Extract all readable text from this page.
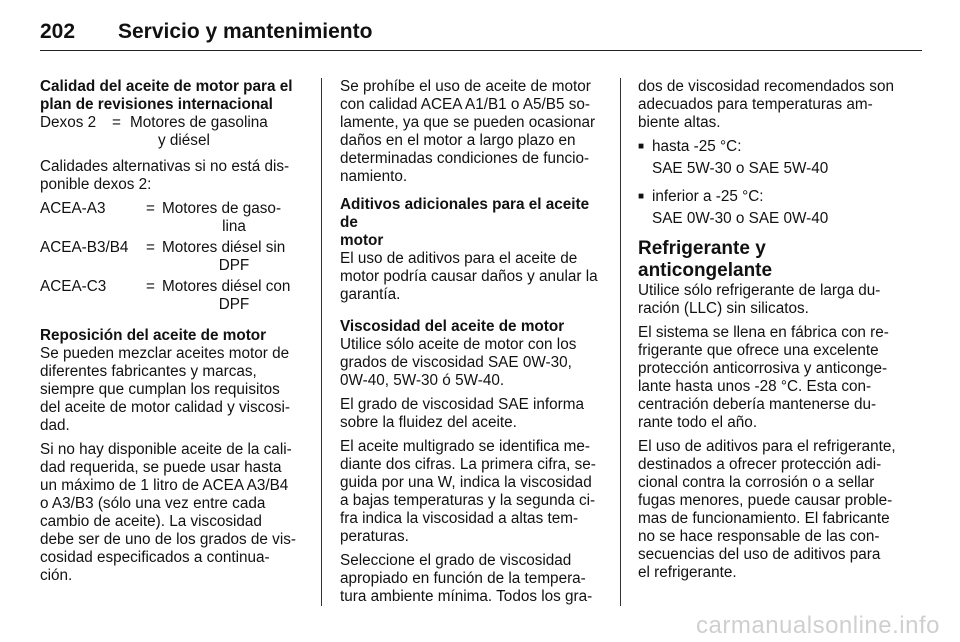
202 Servicio y mantenimiento
Calidad del aceite de motor para el
plan de revisiones internacional
Dexos 2 = Motores de gasolina
y diésel

Calidades alternativas si no está dis-
ponible dexos 2:

ACEA-A3	= Motores de gaso-
lina
ACEA-B3/B4 = Motores diésel sin
DPF
ACEA-C3	= Motores diésel con
DPF
Reposición del aceite de motor

Se pueden mezclar aceites motor de
diferentes fabricantes y marcas,
siempre que cumplan los requisitos
del aceite de motor calidad y viscosi-
dad.

Si no hay disponible aceite de la cali-
dad requerida, se puede usar hasta
un máximo de 1 litro de ACEA A3/B4
o A3/B3 (sólo una vez entre cada
cambio de aceite). La viscosidad
debe ser de uno de los grados de vis-
cosidad especificados a continua-
ción.

Se prohíbe el uso de aceite de motor
con calidad ACEA A1/B1 o A5/B5 so-
lamente, ya que se pueden ocasionar
daños en el motor a largo plazo en
determinadas condiciones de funcio-
namiento.

Aditivos adicionales para el aceite de
motor

El uso de aditivos para el aceite de
motor podría causar daños y anular la
garantía.

Viscosidad del aceite de motor

Utilice sólo aceite de motor con los
grados de viscosidad SAE 0W-30,
0W-40, 5W-30 ó 5W-40.

El grado de viscosidad SAE informa
sobre la fluidez del aceite.

El aceite multigrado se identifica me-
diante dos cifras. La primera cifra, se-
guida por una W, indica la viscosidad
a bajas temperaturas y la segunda ci-
fra indica la viscosidad a altas tem-
peraturas.

Seleccione el grado de viscosidad
apropiado en función de la tempera-
tura ambiente mínima. Todos los gra-

dos de viscosidad recomendados son
adecuados para temperaturas am-
biente altas.

■ hasta -25 °C:
SAE 5W-30 o SAE 5W-40
■ inferior a -25 °C:
SAE 0W-30 o SAE 0W-40
Refrigerante y anticongelante

Utilice sólo refrigerante de larga du-
ración (LLC) sin silicatos.

El sistema se llena en fábrica con re-
frigerante que ofrece una excelente
protección anticorrosiva y anticonge-
lante hasta unos -28 °C. Esta con-
centración debería mantenerse du-
rante todo el año.

El uso de aditivos para el refrigerante,
destinados a ofrecer protección adi-
cional contra la corrosión o a sellar
fugas menores, puede causar proble-
mas de funcionamiento. El fabricante
no se hace responsable de las con-
secuencias del uso de aditivos para
el refrigerante.

carmanualsonline.info
